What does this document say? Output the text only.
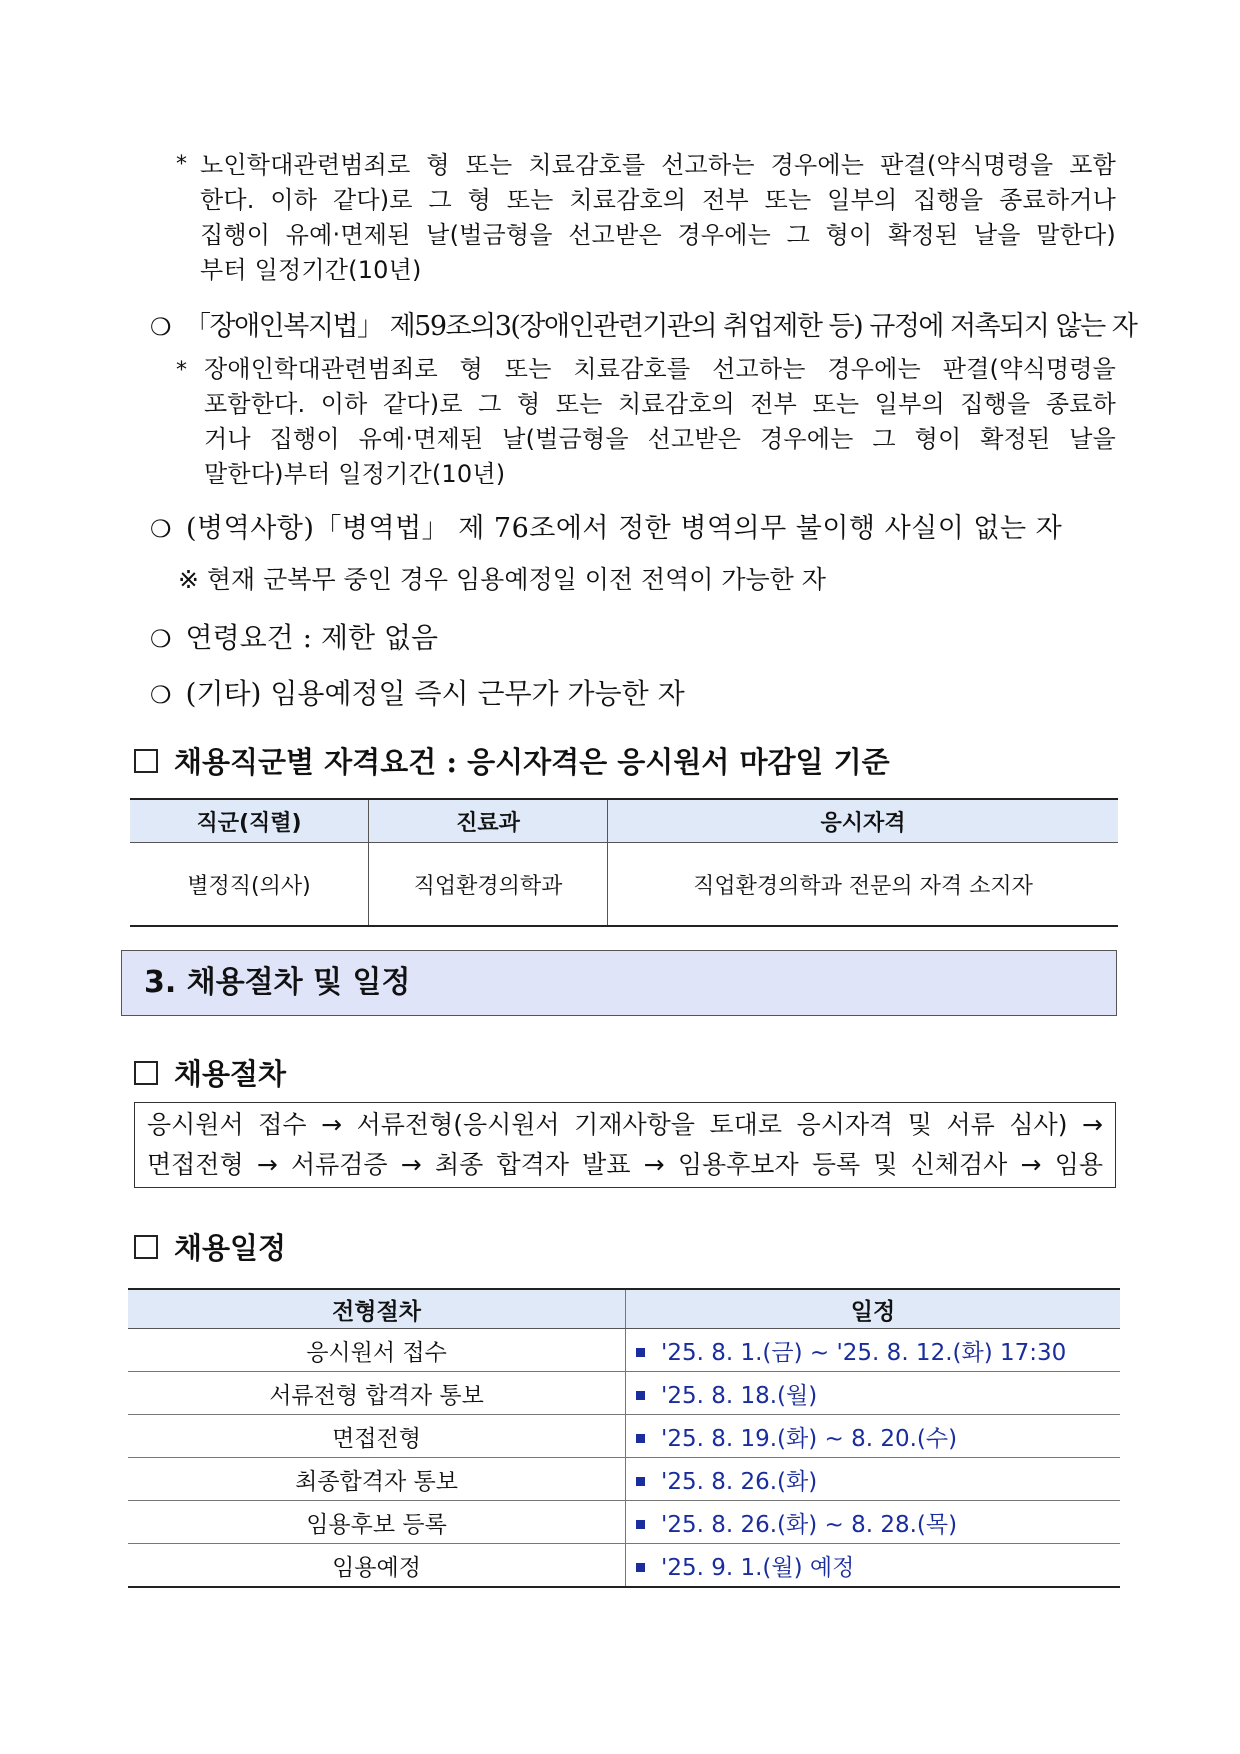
* 노인학대관련범죄로 형 또는 치료감호를 선고하는 경우에는 판결(약식명령을 포함
한다. 이하 같다)로 그 형 또는 치료감호의 전부 또는 일부의 집행을 종료하거나
집행이 유예‧면제된 날(벌금형을 선고받은 경우에는 그 형이 확정된 날을 말한다)
부터 일정기간(10년)
❍ 「장애인복지법」 제59조의3(장애인관련기관의 취업제한 등) 규정에 저촉되지 않는 자
* 장애인학대관련범죄로 형 또는 치료감호를 선고하는 경우에는 판결(약식명령을
포함한다. 이하 같다)로 그 형 또는 치료감호의 전부 또는 일부의 집행을 종료하
거나 집행이 유예‧면제된 날(벌금형을 선고받은 경우에는 그 형이 확정된 날을
말한다)부터 일정기간(10년)
❍ (병역사항)「병역법」 제 76조에서 정한 병역의무 불이행 사실이 없는 자
※ 현재 군복무 중인 경우 임용예정일 이전 전역이 가능한 자
❍ 연령요건 : 제한 없음
❍ (기타) 임용예정일 즉시 근무가 가능한 자
채용직군별 자격요건 : 응시자격은 응시원서 마감일 기준
직군(직렬)	진료과	응시자격
별정직(의사)	직업환경의학과	직업환경의학과 전문의 자격 소지자
3. 채용절차 및 일정
채용절차
응시원서 접수 → 서류전형(응시원서 기재사항을 토대로 응시자격 및 서류 심사) →
면접전형 → 서류검증 → 최종 합격자 발표 → 임용후보자 등록 및 신체검사 → 임용
채용일정
전형절차	일정
응시원서 접수	'25. 8. 1.(금) ~ '25. 8. 12.(화) 17:30
서류전형 합격자 통보	'25. 8. 18.(월)
면접전형	'25. 8. 19.(화) ~ 8. 20.(수)
최종합격자 통보	'25. 8. 26.(화)
임용후보 등록	'25. 8. 26.(화) ~ 8. 28.(목)
임용예정	'25. 9. 1.(월) 예정
